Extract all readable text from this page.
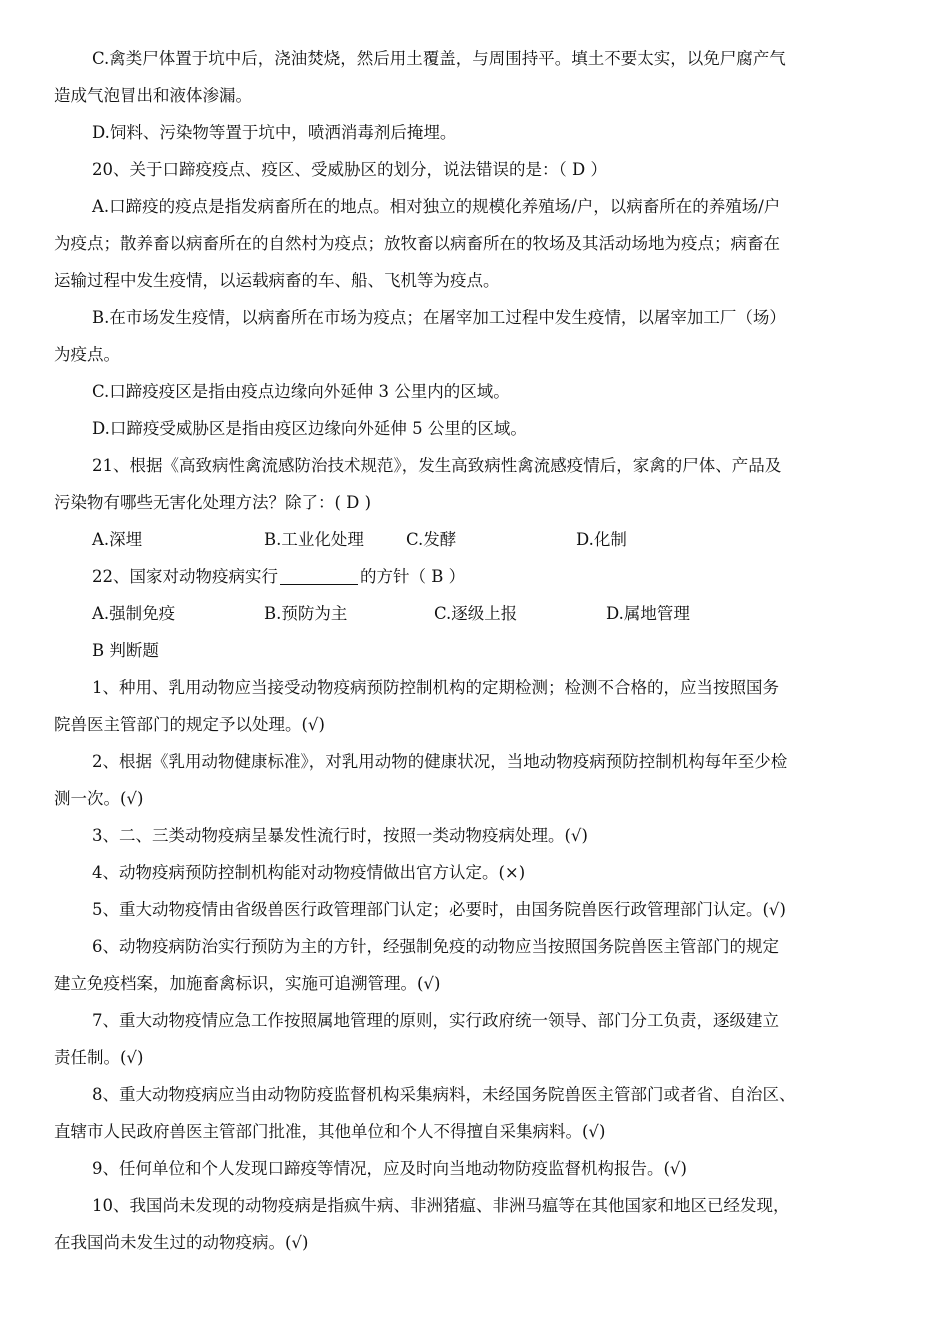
C.禽类尸体置于坑中后，浇油焚烧，然后用土覆盖，与周围持平。填土不要太实，以免尸腐产气

造成气泡冒出和液体渗漏。

D.饲料、污染物等置于坑中，喷洒消毒剂后掩埋。

20、关于口蹄疫疫点、疫区、受威胁区的划分，说法错误的是：（ D ）

A.口蹄疫的疫点是指发病畜所在的地点。相对独立的规模化养殖场/户，以病畜所在的养殖场/户

为疫点；散养畜以病畜所在的自然村为疫点；放牧畜以病畜所在的牧场及其活动场地为疫点；病畜在

运输过程中发生疫情，以运载病畜的车、船、飞机等为疫点。

B.在市场发生疫情，以病畜所在市场为疫点；在屠宰加工过程中发生疫情，以屠宰加工厂（场）

为疫点。

C.口蹄疫疫区是指由疫点边缘向外延伸 3 公里内的区域。

D.口蹄疫受威胁区是指由疫区边缘向外延伸 5 公里的区域。

21、根据《高致病性禽流感防治技术规范》，发生高致病性禽流感疫情后，家禽的尸体、产品及

污染物有哪些无害化处理方法？除了：( D )

A.深埋	B.工业化处理	C.发酵	D.化制

22、国家对动物疫病实行	的方针（ B ）

A.强制免疫	B.预防为主	C.逐级上报	D.属地管理

B 判断题

1、种用、乳用动物应当接受动物疫病预防控制机构的定期检测；检测不合格的，应当按照国务

院兽医主管部门的规定予以处理。(√)

2、根据《乳用动物健康标准》，对乳用动物的健康状况，当地动物疫病预防控制机构每年至少检

测一次。(√)

3、二、三类动物疫病呈暴发性流行时，按照一类动物疫病处理。(√)

4、动物疫病预防控制机构能对动物疫情做出官方认定。(×)

5、重大动物疫情由省级兽医行政管理部门认定；必要时，由国务院兽医行政管理部门认定。(√)

6、动物疫病防治实行预防为主的方针，经强制免疫的动物应当按照国务院兽医主管部门的规定

建立免疫档案，加施畜禽标识，实施可追溯管理。(√)

7、重大动物疫情应急工作按照属地管理的原则，实行政府统一领导、部门分工负责，逐级建立

责任制。(√)

8、重大动物疫病应当由动物防疫监督机构采集病料，未经国务院兽医主管部门或者省、自治区、

直辖市人民政府兽医主管部门批准，其他单位和个人不得擅自采集病料。(√)

9、任何单位和个人发现口蹄疫等情况，应及时向当地动物防疫监督机构报告。(√)

10、我国尚未发现的动物疫病是指疯牛病、非洲猪瘟、非洲马瘟等在其他国家和地区已经发现，

在我国尚未发生过的动物疫病。(√)
